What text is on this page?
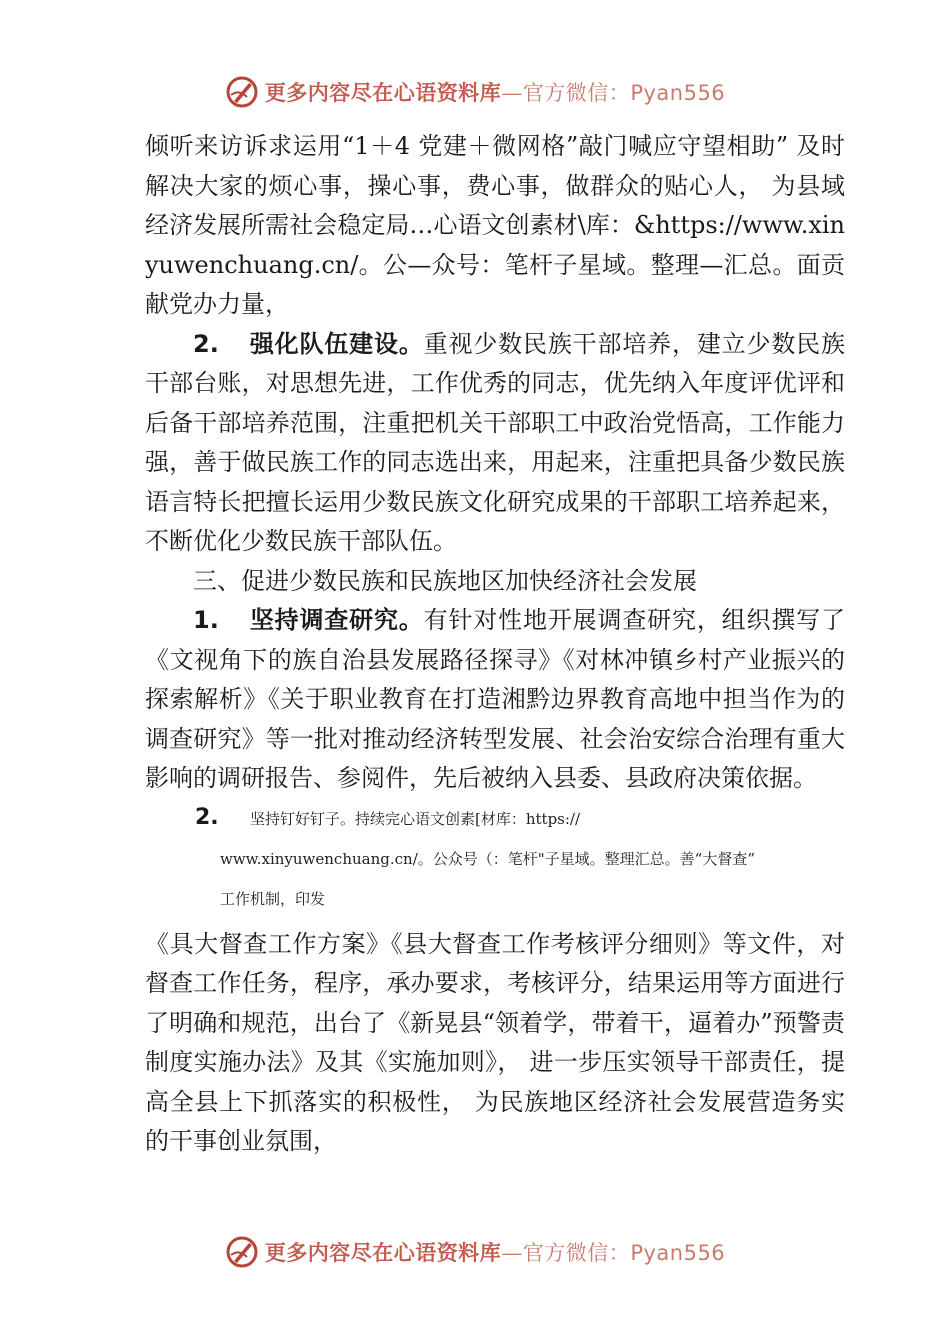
更多内容尽在心语资料库—官方微信：Pyan556

倾听来访诉求运用“1＋4 党建＋微网格”敲门喊应守望相助” 及时解决大家的烦心事，操心事，费心事，做群众的贴心人， 为县域经济发展所需社会稳定局…心语文创素材\库：&https://www.xinyuwenchuang.cn/。公—众号：笔杆子星域。整理—汇总。面贡献党办力量，

2. 强化队伍建设。重视少数民族干部培养，建立少数民族干部台账，对思想先进，工作优秀的同志，优先纳入年度评优评和后备干部培养范围，注重把机关干部职工中政治党悟高，工作能力强，善于做民族工作的同志选出来，用起来，注重把具备少数民族语言特长把擅长运用少数民族文化研究成果的干部职工培养起来，不断优化少数民族干部队伍。

三、促进少数民族和民族地区加快经济社会发展

1. 坚持调查研究。有针对性地开展调查研究，组织撰写了《文视角下的族自治县发展路径探寻》《对林冲镇乡村产业振兴的探索解析》《关于职业教育在打造湘黔边界教育高地中担当作为的调查研究》等一批对推动经济转型发展、社会治安综合治理有重大影响的调研报告、参阅件，先后被纳入县委、县政府决策依据。

2. 坚持钉好钉子。持续完心语文创素[材库：https://
www.xinyuwenchuang.cn/。公众号（：笔杆"子星域。整理汇总。善“大督查”
工作机制，印发

《具大督查工作方案》《县大督查工作考核评分细则》等文件，对督查工作任务，程序，承办要求，考核评分，结果运用等方面进行了明确和规范，出台了《新晃县“领着学，带着干，逼着办”预警责制度实施办法》及其《实施加则》， 进一步压实领导干部责任，提高全县上下抓落实的积极性， 为民族地区经济社会发展营造务实的干事创业氛围，

更多内容尽在心语资料库—官方微信：Pyan556
